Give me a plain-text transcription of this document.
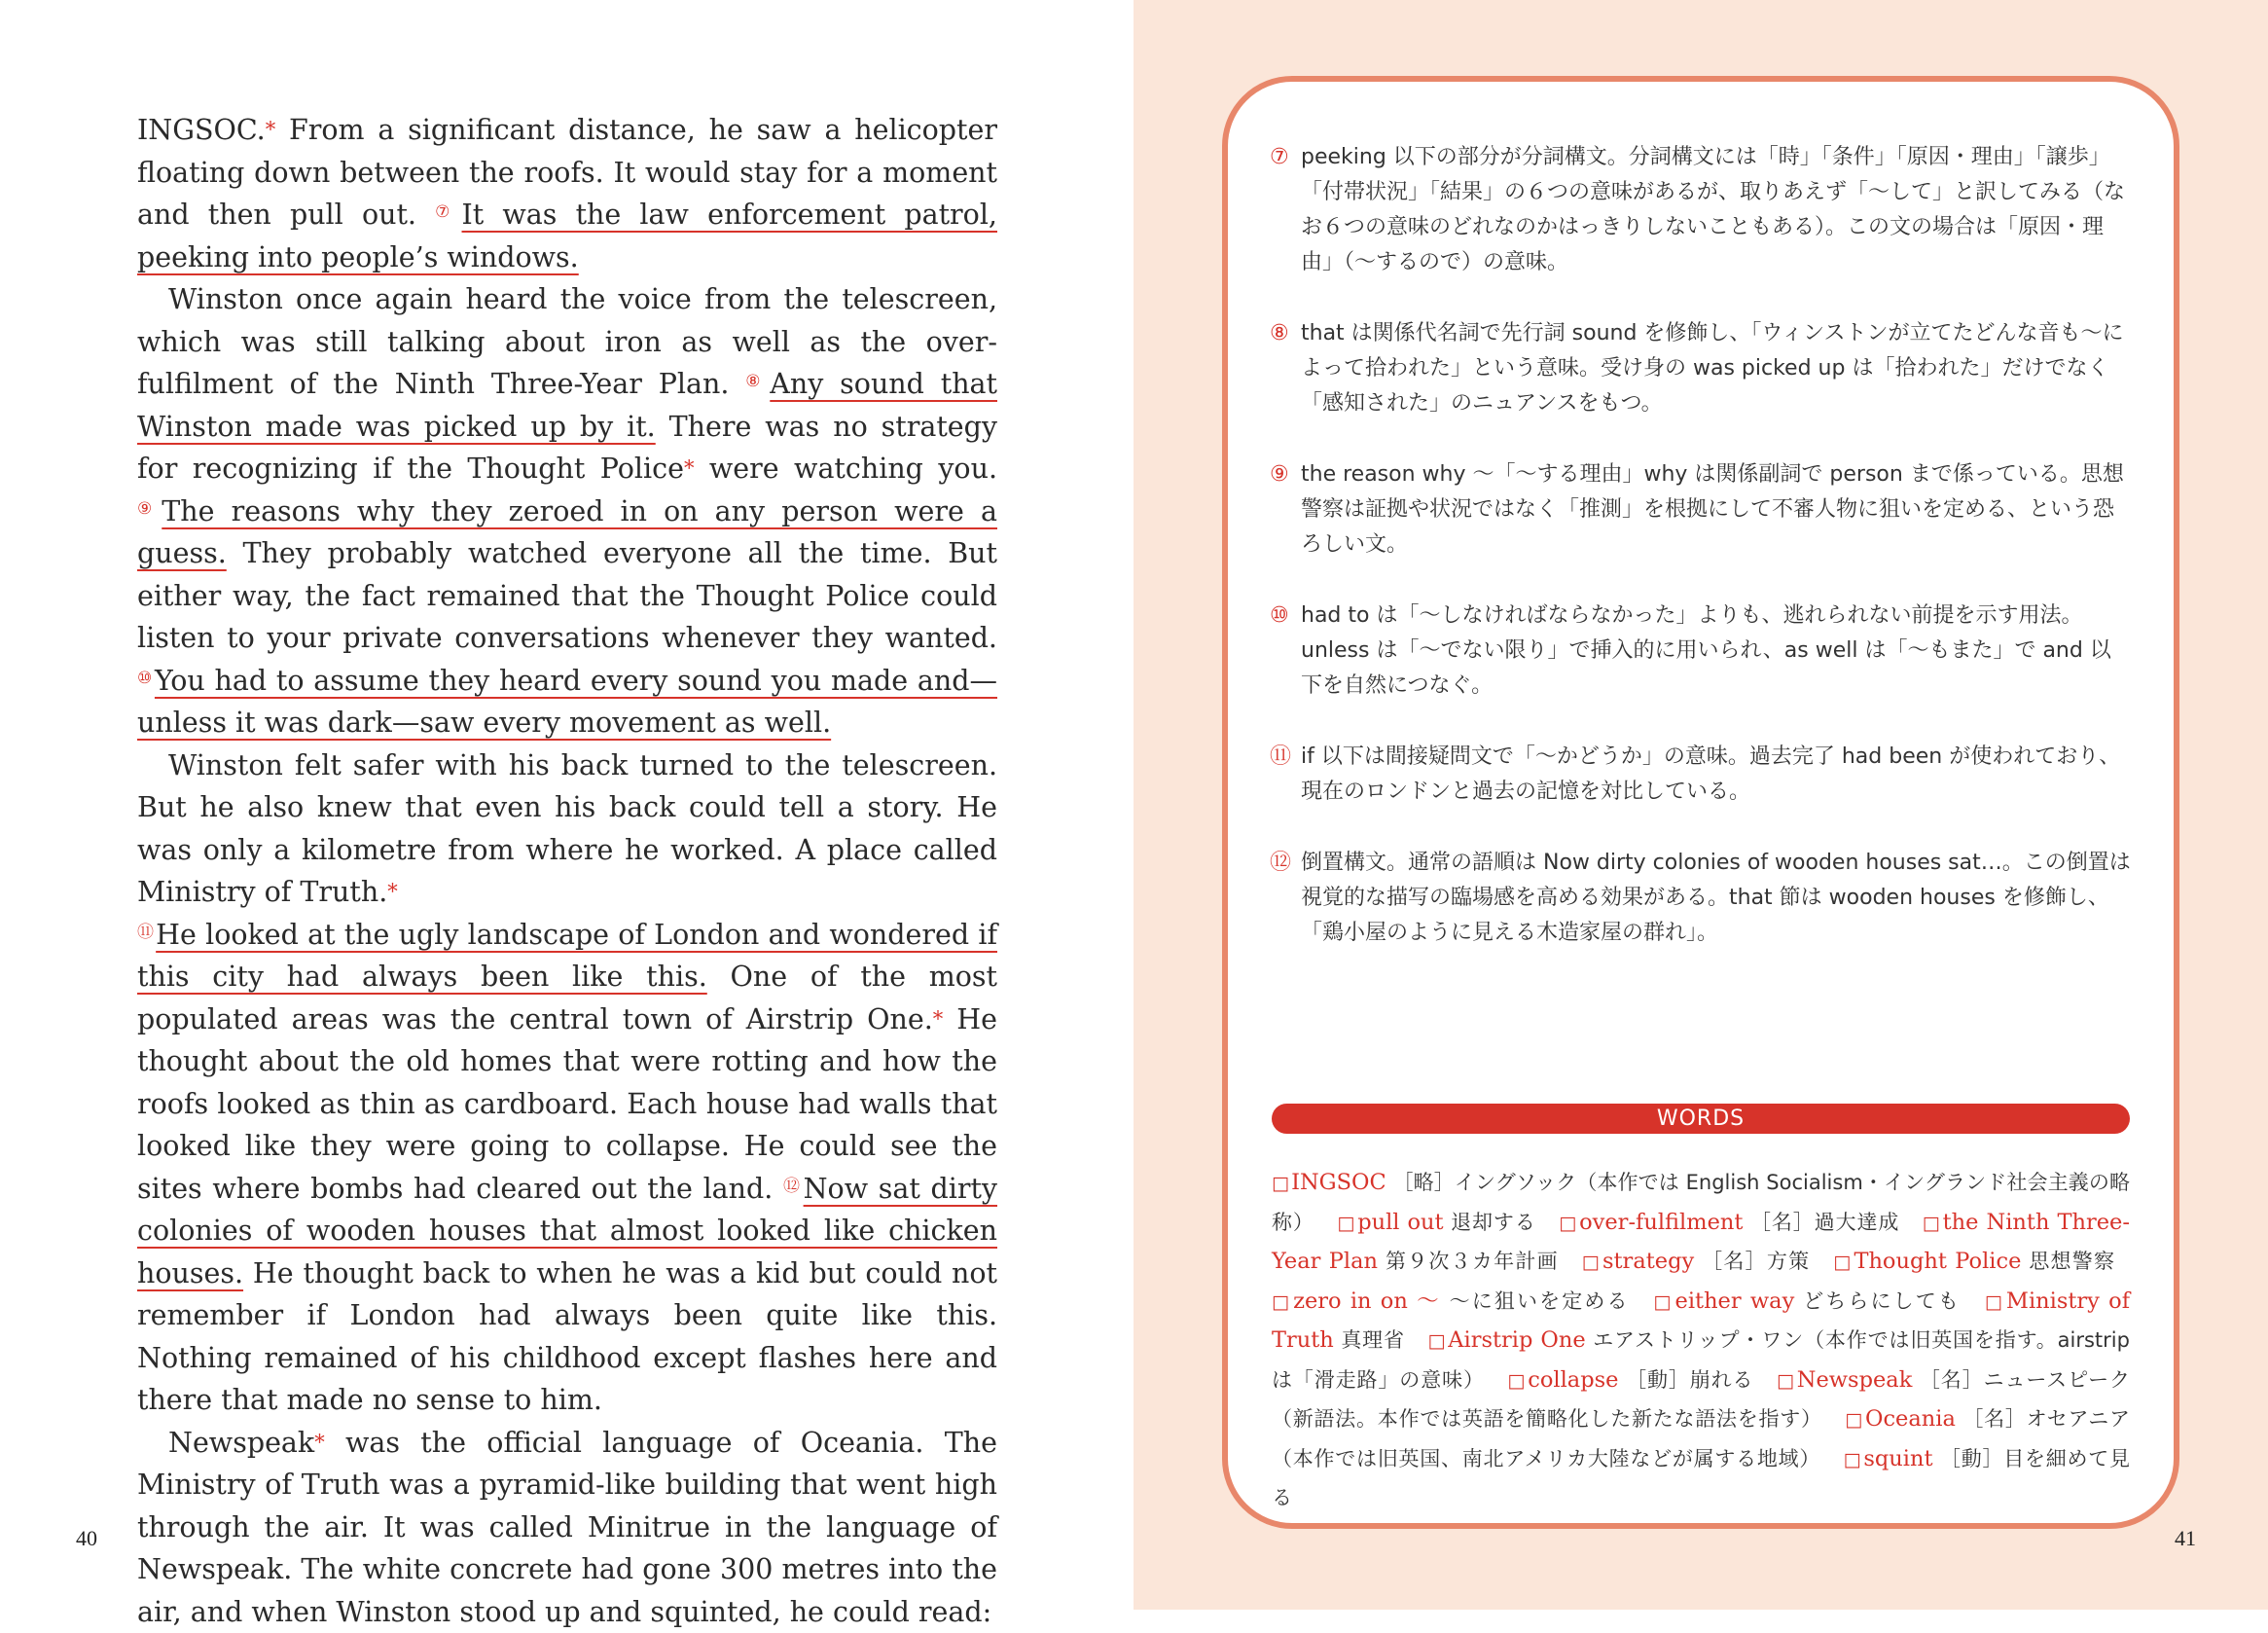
INGSOC.* From a significant distance, he saw a helicopter floating down between the roofs. It would stay for a moment and then pull out. ⑦It was the law enforcement patrol, peeking into people’s windows.

Winston once again heard the voice from the telescreen, which was still talking about iron as well as the over-fulfilment of the Ninth Three-Year Plan. ⑧Any sound that Winston made was picked up by it. There was no strategy for recognizing if the Thought Police* were watching you. ⑨The reasons why they zeroed in on any person were a guess. They probably watched everyone all the time. But either way, the fact remained that the Thought Police could listen to your private conversations whenever they wanted. ⑩You had to assume they heard every sound you made and—unless it was dark—saw every movement as well.

Winston felt safer with his back turned to the telescreen. But he also knew that even his back could tell a story. He was only a kilometre from where he worked. A place called Ministry of Truth.*
⑪He looked at the ugly landscape of London and wondered if this city had always been like this. One of the most populated areas was the central town of Airstrip One.* He thought about the old homes that were rotting and how the roofs looked as thin as cardboard. Each house had walls that looked like they were going to collapse. He could see the sites where bombs had cleared out the land. ⑫Now sat dirty colonies of wooden houses that almost looked like chicken houses. He thought back to when he was a kid but could not remember if London had always been quite like this. Nothing remained of his childhood except flashes here and there that made no sense to him.

Newspeak* was the official language of Oceania. The Ministry of Truth was a pyramid-like building that went high through the air. It was called Minitrue in the language of Newspeak. The white concrete had gone 300 metres into the air, and when Winston stood up and squinted, he could read:

40	41
⑦ peeking 以下の部分が分詞構文。分詞構文には「時」「条件」「原因・理由」「譲歩」「付帯状況」「結果」の６つの意味があるが、取りあえず「～して」と訳してみる（なお６つの意味のどれなのかはっきりしないこともある）。この文の場合は「原因・理由」（～するので）の意味。
⑧ that は関係代名詞で先行詞 sound を修飾し、「ウィンストンが立てたどんな音も～によって拾われた」という意味。受け身の was picked up は「拾われた」だけでなく「感知された」のニュアンスをもつ。
⑨ the reason why ～「～する理由」why は関係副詞で person まで係っている。思想警察は証拠や状況ではなく「推測」を根拠にして不審人物に狙いを定める、という恐ろしい文。
⑩ had to は「～しなければならなかった」よりも、逃れられない前提を示す用法。unless は「～でない限り」で挿入的に用いられ、as well は「～もまた」で and 以下を自然につなぐ。
⑪ if 以下は間接疑問文で「～かどうか」の意味。過去完了 had been が使われており、現在のロンドンと過去の記憶を対比している。
⑫ 倒置構文。通常の語順は Now dirty colonies of wooden houses sat…。この倒置は視覚的な描写の臨場感を高める効果がある。that 節は wooden houses を修飾し、「鶏小屋のように見える木造家屋の群れ」。
WORDS
□ INGSOC ［略］イングソック（本作では English Socialism・イングランド社会主義の略称） □ pull out 退却する □ over-fulfilment ［名］過大達成 □ the Ninth Three-Year Plan 第９次３カ年計画 □ strategy ［名］方策 □ Thought Police 思想警察 □ zero in on ～ ～に狙いを定める □ either way どちらにしても □ Ministry of Truth 真理省 □ Airstrip One エアストリップ・ワン（本作では旧英国を指す。airstrip は「滑走路」の意味） □ collapse ［動］崩れる □ Newspeak ［名］ニュースピーク（新語法。本作では英語を簡略化した新たな語法を指す） □ Oceania ［名］オセアニア（本作では旧英国、南北アメリカ大陸などが属する地域） □ squint ［動］目を細めて見る
